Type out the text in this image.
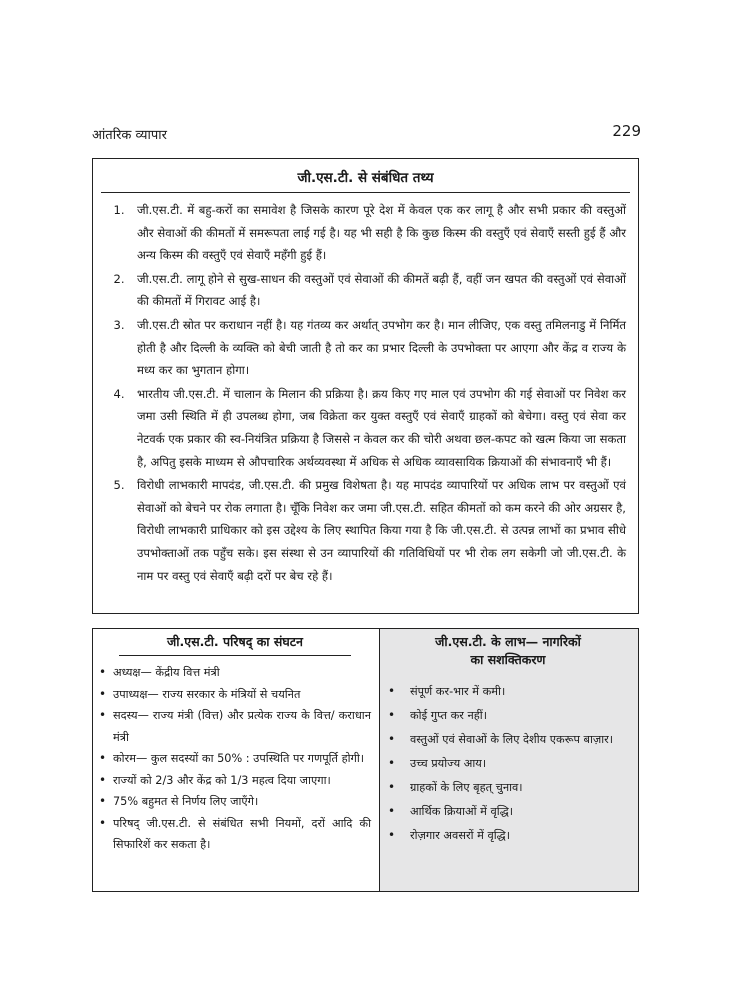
आंतरिक व्यापार	229
जी.एस.टी. से संबंधित तथ्य
1.	जी.एस.टी. में बहु-करों का समावेश है जिसके कारण पूरे देश में केवल एक कर लागू है और सभी प्रकार की वस्तुओं और सेवाओं की कीमतों में समरूपता लाई गई है। यह भी सही है कि कुछ किस्म की वस्तुएँ एवं सेवाएँ सस्ती हुई हैं और अन्य किस्म की वस्तुएँ एवं सेवाएँ महँगी हुई हैं।
2.	जी.एस.टी. लागू होने से सुख-साधन की वस्तुओं एवं सेवाओं की कीमतें बढ़ी हैं, वहीं जन खपत की वस्तुओं एवं सेवाओं की कीमतों में गिरावट आई है।
3.	जी.एस.टी स्रोत पर कराधान नहीं है। यह गंतव्य कर अर्थात् उपभोग कर है। मान लीजिए, एक वस्तु तमिलनाडु में निर्मित होती है और दिल्ली के व्यक्ति को बेची जाती है तो कर का प्रभार दिल्ली के उपभोक्ता पर आएगा और केंद्र व राज्य के मध्य कर का भुगतान होगा।
4.	भारतीय जी.एस.टी. में चालान के मिलान की प्रक्रिया है। क्रय किए गए माल एवं उपभोग की गई सेवाओं पर निवेश कर जमा उसी स्थिति में ही उपलब्ध होगा, जब विक्रेता कर युक्त वस्तुएँ एवं सेवाएँ ग्राहकों को बेचेगा। वस्तु एवं सेवा कर नेटवर्क एक प्रकार की स्व-नियंत्रित प्रक्रिया है जिससे न केवल कर की चोरी अथवा छल-कपट को खत्म किया जा सकता है, अपितु इसके माध्यम से औपचारिक अर्थव्यवस्था में अधिक से अधिक व्यावसायिक क्रियाओं की संभावनाएँ भी हैं।
5.	विरोधी लाभकारी मापदंड, जी.एस.टी. की प्रमुख विशेषता है। यह मापदंड व्यापारियों पर अधिक लाभ पर वस्तुओं एवं सेवाओं को बेचने पर रोक लगाता है। चूँकि निवेश कर जमा जी.एस.टी. सहित कीमतों को कम करने की ओर अग्रसर है, विरोधी लाभकारी प्राधिकार को इस उद्देश्य के लिए स्थापित किया गया है कि जी.एस.टी. से उत्पन्न लाभों का प्रभाव सीधे उपभोक्ताओं तक पहुँच सके। इस संस्था से उन व्यापारियों की गतिविधियों पर भी रोक लग सकेगी जो जी.एस.टी. के नाम पर वस्तु एवं सेवाएँ बढ़ी दरों पर बेच रहे हैं।
जी.एस.टी. परिषद् का संघटन
• अध्यक्ष— केंद्रीय वित्त मंत्री
• उपाध्यक्ष— राज्य सरकार के मंत्रियों से चयनित
• सदस्य— राज्य मंत्री (वित्त) और प्रत्येक राज्य के वित्त/ कराधान मंत्री
• कोरम— कुल सदस्यों का 50% : उपस्थिति पर गणपूर्ति होगी।
• राज्यों को 2/3 और केंद्र को 1/3 महत्व दिया जाएगा।
• 75% बहुमत से निर्णय लिए जाएँगे।
• परिषद् जी.एस.टी. से संबंधित सभी नियमों, दरों आदि की सिफारिशें कर सकता है।
जी.एस.टी. के लाभ— नागरिकों
का सशक्तिकरण
•	संपूर्ण कर-भार में कमी।
•	कोई गुप्त कर नहीं।
•	वस्तुओं एवं सेवाओं के लिए देशीय एकरूप बाज़ार।
•	उच्च प्रयोज्य आय।
•	ग्राहकों के लिए बृहत् चुनाव।
•	आर्थिक क्रियाओं में वृद्धि।
•	रोज़गार अवसरों में वृद्धि।
